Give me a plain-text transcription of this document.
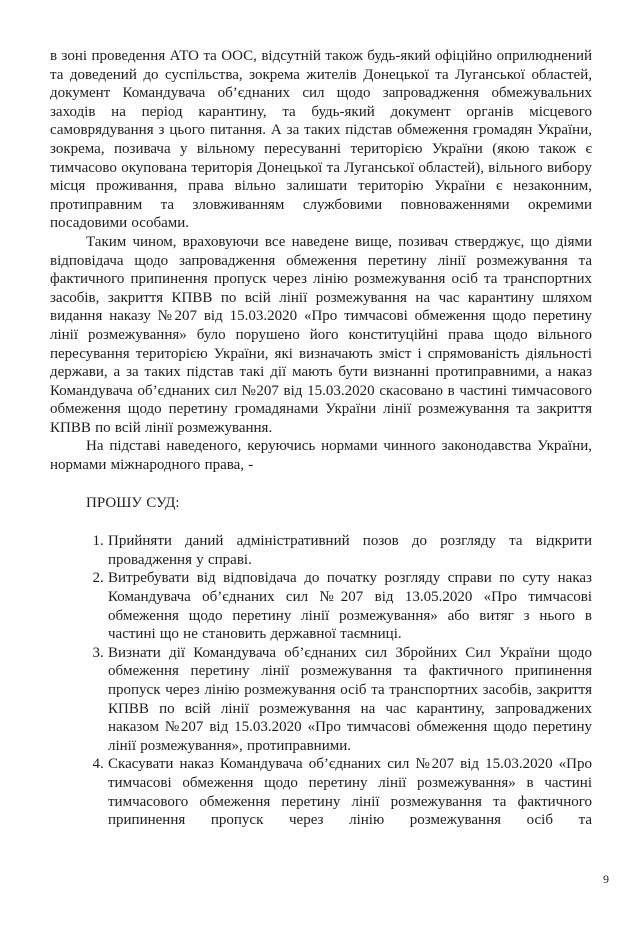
в зоні проведення АТО та ООС, відсутній також будь-який офіційно оприлюднений та доведений до суспільства, зокрема жителів Донецької та Луганської областей, документ Командувача об’єднаних сил щодо запровадження обмежувальних заходів на період карантину, та будь-який документ органів місцевого самоврядування з цього питання. А за таких підстав обмеження громадян України, зокрема, позивача у вільному пересуванні територією України (якою також є тимчасово окупована територія Донецької та Луганської областей), вільного вибору місця проживання, права вільно залишати територію України є незаконним, протиправним та зловживанням службовими повноваженнями окремими посадовими особами.

Таким чином, враховуючи все наведене вище, позивач стверджує, що діями відповідача щодо запровадження обмеження перетину лінії розмежування та фактичного припинення пропуск через лінію розмежування осіб та транспортних засобів, закриття КПВВ по всій лінії розмежування на час карантину шляхом видання наказу №207 від 15.03.2020 «Про тимчасові обмеження щодо перетину лінії розмежування» було порушено його конституційні права щодо вільного пересування територією України, які визначають зміст і спрямованість діяльності держави, а за таких підстав такі дії мають бути визнанні протиправними, а наказ Командувача об’єднаних сил №207 від 15.03.2020 скасовано в частині тимчасового обмеження щодо перетину громадянами України лінії розмежування та закриття КПВВ по всій лінії розмежування.

На підставі наведеного, керуючись нормами чинного законодавства України, нормами міжнародного права, -

ПРОШУ СУД:

1. Прийняти даний адміністративний позов до розгляду та відкрити провадження у справі.
2. Витребувати від відповідача до початку розгляду справи по суту наказ Командувача об’єднаних сил №207 від 13.05.2020 «Про тимчасові обмеження щодо перетину лінії розмежування» або витяг з нього в частині що не становить державної таємниці.
3. Визнати дії Командувача об’єднаних сил Збройних Сил України щодо обмеження перетину лінії розмежування та фактичного припинення пропуск через лінію розмежування осіб та транспортних засобів, закриття КПВВ по всій лінії розмежування на час карантину, запроваджених наказом №207 від 15.03.2020 «Про тимчасові обмеження щодо перетину лінії розмежування», протиправними.
4. Скасувати наказ Командувача об’єднаних сил №207 від 15.03.2020 «Про тимчасові обмеження щодо перетину лінії розмежування» в частині тимчасового обмеження перетину лінії розмежування та фактичного припинення пропуск через лінію розмежування осіб та
9
